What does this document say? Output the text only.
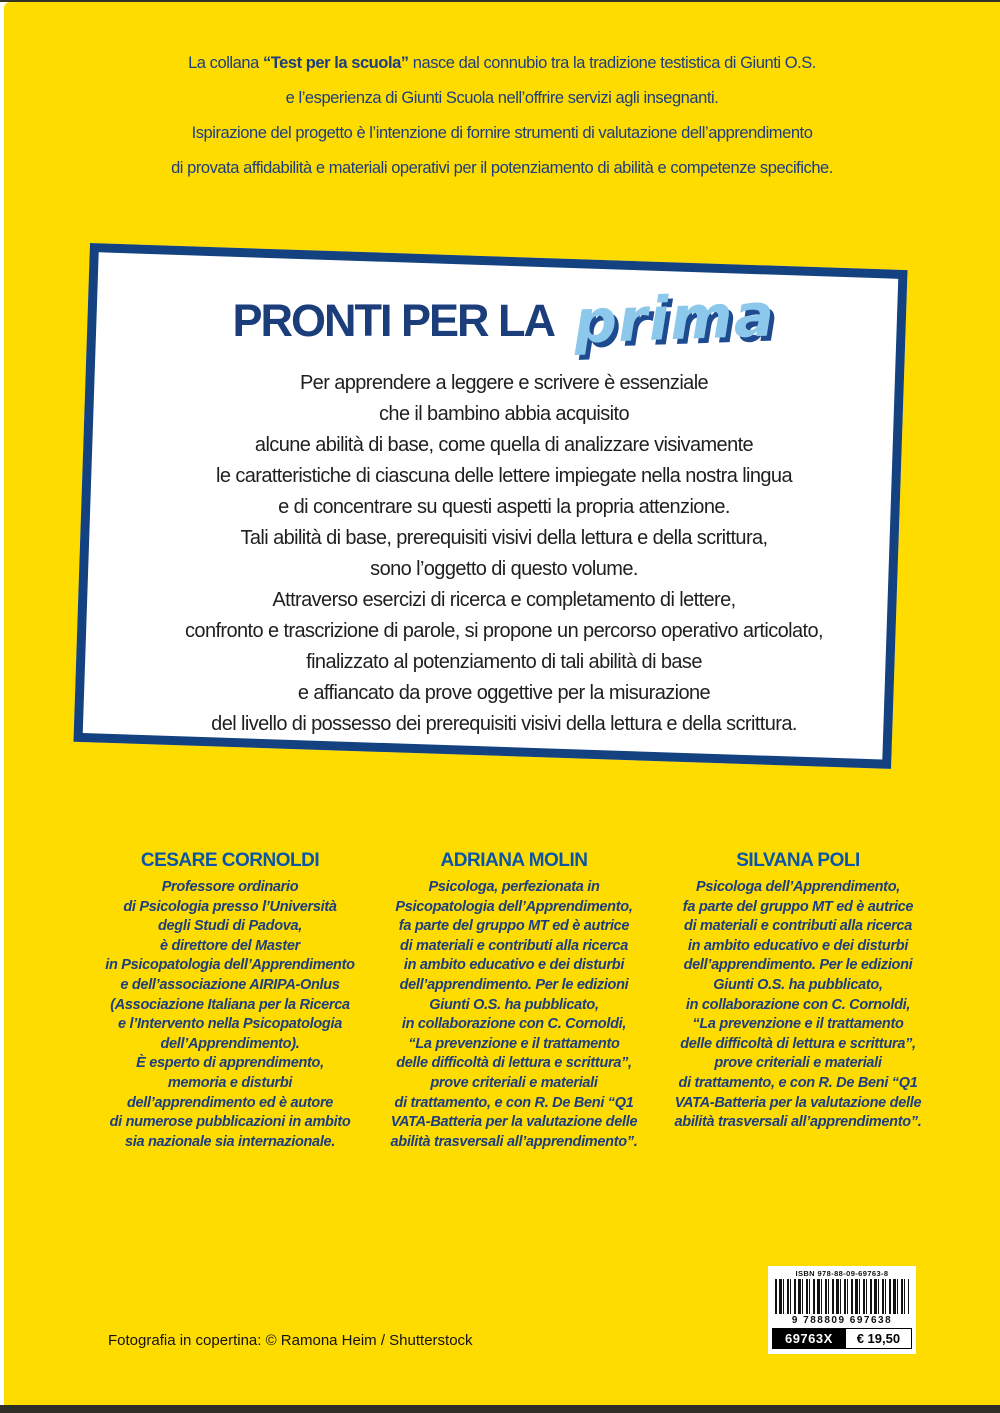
La collana “Test per la scuola” nasce dal connubio tra la tradizione testistica di Giunti O.S.
e l’esperienza di Giunti Scuola nell’offrire servizi agli insegnanti.
Ispirazione del progetto è l’intenzione di fornire strumenti di valutazione dell’apprendimento
di provata affidabilità e materiali operativi per il potenziamento di abilità e competenze specifiche.
PRONTI PER LA prima
Per apprendere a leggere e scrivere è essenziale
che il bambino abbia acquisito
alcune abilità di base, come quella di analizzare visivamente
le caratteristiche di ciascuna delle lettere impiegate nella nostra lingua
e di concentrare su questi aspetti la propria attenzione.
Tali abilità di base, prerequisiti visivi della lettura e della scrittura,
sono l’oggetto di questo volume.
Attraverso esercizi di ricerca e completamento di lettere,
confronto e trascrizione di parole, si propone un percorso operativo articolato,
finalizzato al potenziamento di tali abilità di base
e affiancato da prove oggettive per la misurazione
del livello di possesso dei prerequisiti visivi della lettura e della scrittura.
CESARE CORNOLDI
Professore ordinario
di Psicologia presso l’Università
degli Studi di Padova,
è direttore del Master
in Psicopatologia dell’Apprendimento
e dell’associazione AIRIPA-Onlus
(Associazione Italiana per la Ricerca
e l’Intervento nella Psicopatologia
dell’Apprendimento).
È esperto di apprendimento,
memoria e disturbi
dell’apprendimento ed è autore
di numerose pubblicazioni in ambito
sia nazionale sia internazionale.
ADRIANA MOLIN
Psicologa, perfezionata in
Psicopatologia dell’Apprendimento,
fa parte del gruppo MT ed è autrice
di materiali e contributi alla ricerca
in ambito educativo e dei disturbi
dell’apprendimento. Per le edizioni
Giunti O.S. ha pubblicato,
in collaborazione con C. Cornoldi,
“La prevenzione e il trattamento
delle difficoltà di lettura e scrittura”,
prove criteriali e materiali
di trattamento, e con R. De Beni “Q1
VATA-Batteria per la valutazione delle
abilità trasversali all’apprendimento”.
SILVANA POLI
Psicologa dell’Apprendimento,
fa parte del gruppo MT ed è autrice
di materiali e contributi alla ricerca
in ambito educativo e dei disturbi
dell’apprendimento. Per le edizioni
Giunti O.S. ha pubblicato,
in collaborazione con C. Cornoldi,
“La prevenzione e il trattamento
delle difficoltà di lettura e scrittura”,
prove criteriali e materiali
di trattamento, e con R. De Beni “Q1
VATA-Batteria per la valutazione delle
abilità trasversali all’apprendimento”.
Fotografia in copertina: © Ramona Heim / Shutterstock
ISBN 978-88-09-69763-8
9 788809 697638
69763X	€ 19,50
